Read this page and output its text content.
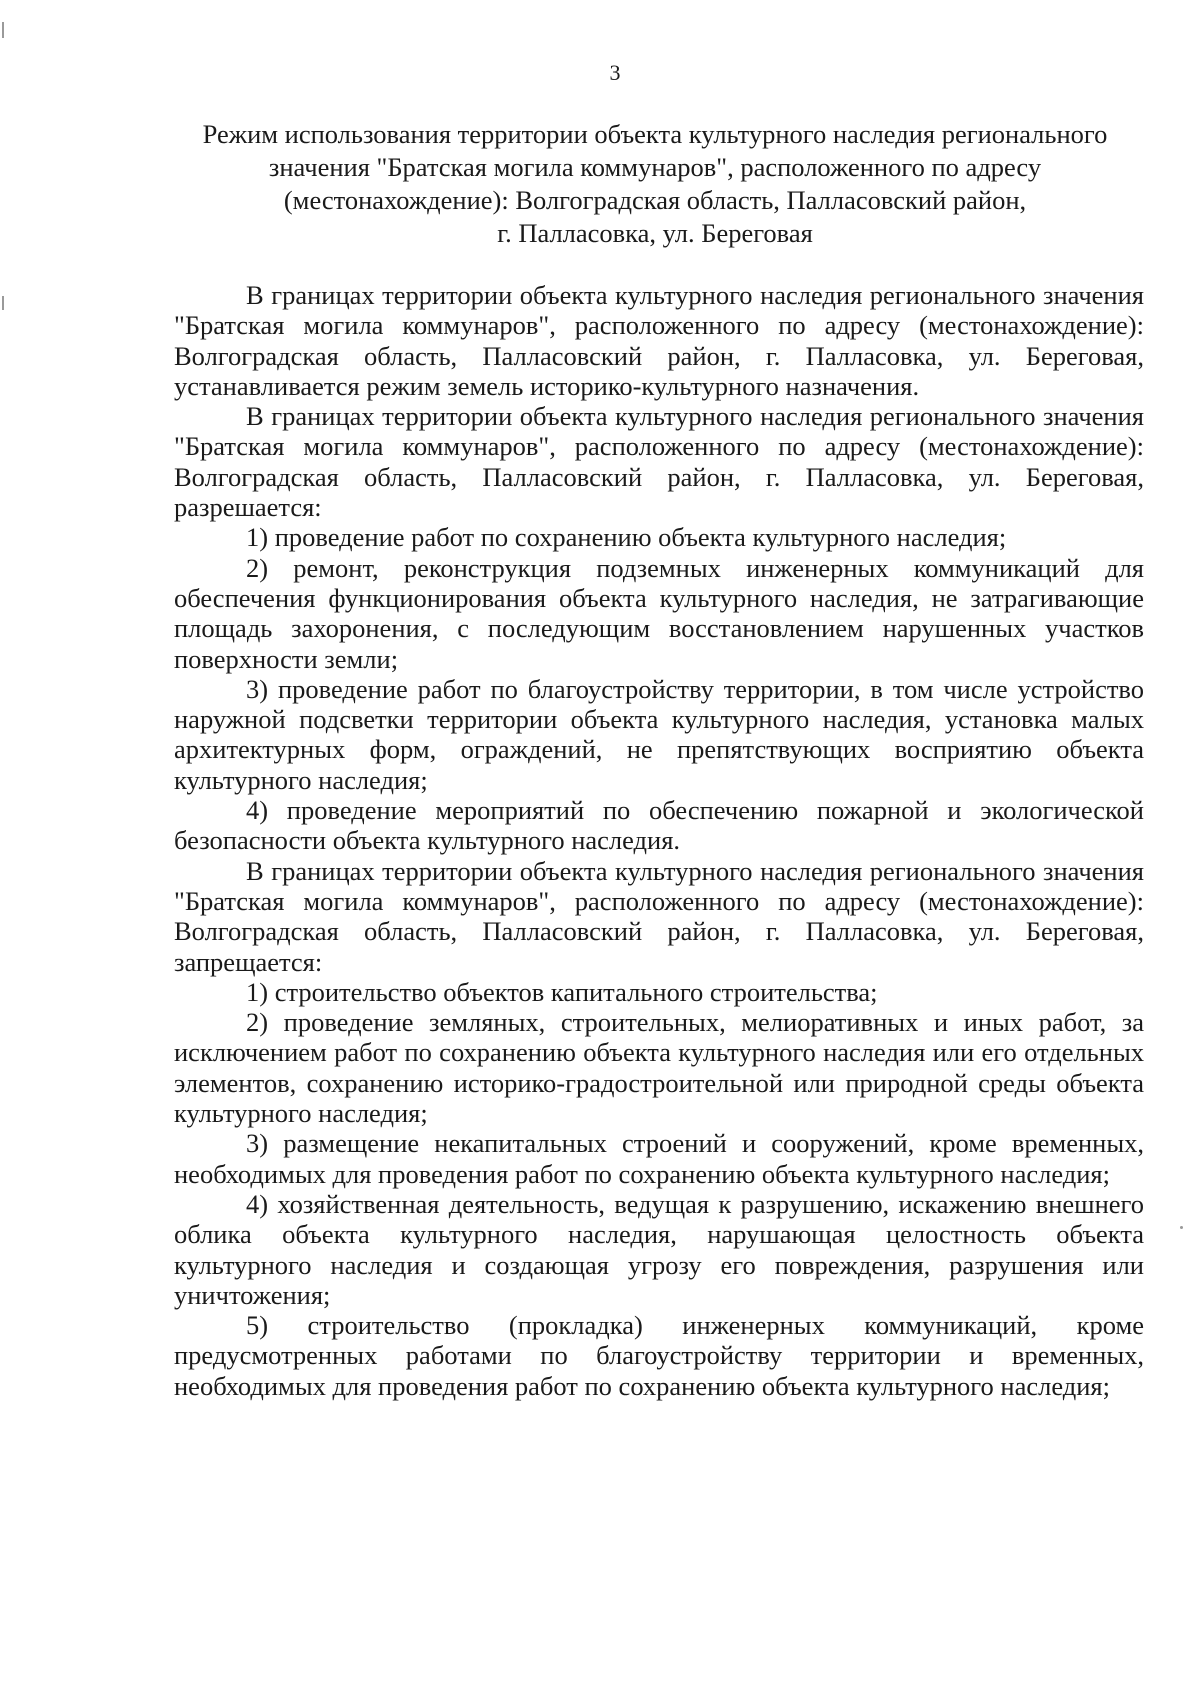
3
Режим использования территории объекта культурного наследия регионального
значения "Братская могила коммунаров", расположенного по адресу
(местонахождение): Волгоградская область, Палласовский район,
г. Палласовка, ул. Береговая

В границах территории объекта культурного наследия регионального значения "Братская могила коммунаров", расположенного по адресу (местонахождение): Волгоградская область, Палласовский район, г. Палласовка, ул. Береговая, устанавливается режим земель историко-культурного назначения.

В границах территории объекта культурного наследия регионального значения "Братская могила коммунаров", расположенного по адресу (местонахождение): Волгоградская область, Палласовский район, г. Палласовка, ул. Береговая, разрешается:

1) проведение работ по сохранению объекта культурного наследия;

2) ремонт, реконструкция подземных инженерных коммуникаций для обеспечения функционирования объекта культурного наследия, не затрагивающие площадь захоронения, с последующим восстановлением нарушенных участков поверхности земли;

3) проведение работ по благоустройству территории, в том числе устройство наружной подсветки территории объекта культурного наследия, установка малых архитектурных форм, ограждений, не препятствующих восприятию объекта культурного наследия;

4) проведение мероприятий по обеспечению пожарной и экологической безопасности объекта культурного наследия.

В границах территории объекта культурного наследия регионального значения "Братская могила коммунаров", расположенного по адресу (местонахождение): Волгоградская область, Палласовский район, г. Палласовка, ул. Береговая, запрещается:

1) строительство объектов капитального строительства;

2) проведение земляных, строительных, мелиоративных и иных работ, за исключением работ по сохранению объекта культурного наследия или его отдельных элементов, сохранению историко-градостроительной или природной среды объекта культурного наследия;

3) размещение некапитальных строений и сооружений, кроме временных, необходимых для проведения работ по сохранению объекта культурного наследия;

4) хозяйственная деятельность, ведущая к разрушению, искажению внешнего облика объекта культурного наследия, нарушающая целостность объекта культурного наследия и создающая угрозу его повреждения, разрушения или уничтожения;

5) строительство (прокладка) инженерных коммуникаций, кроме предусмотренных работами по благоустройству территории и временных, необходимых для проведения работ по сохранению объекта культурного наследия;
